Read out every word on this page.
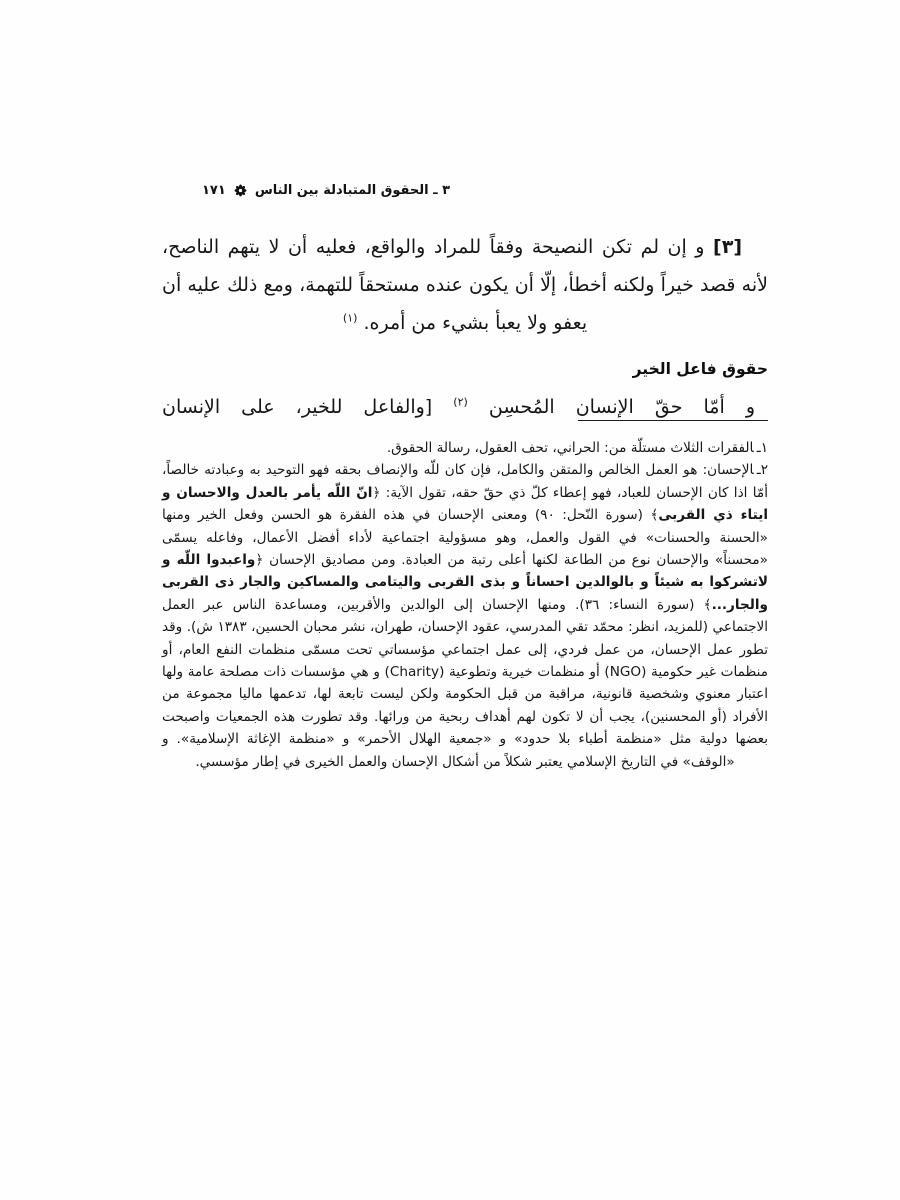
٣ ـ الحقوق المتبادلة بين الناس
١٧١

[٣] و إن لم تكن النصيحة وفقاً للمراد والواقع، فعليه أن لا يتهم الناصح، لأنه قصد خيراً ولكنه أخطأ، إلّا أن يكون عنده مستحقاً للتهمة، ومع ذلك عليه أن يعفو ولا يعبأ بشيء من أمره. $^{(١)}$

حقوق فاعل الخير

و أمّا حقّ الإنسان المُحسِن $^{(٢)}$ [والفاعل للخير، على الإنسان

١ـالفقرات الثلاث مستلّة من: الحراني، تحف العقول، رسالة الحقوق.

٢ـالإحسان: هو العمل الخالص والمتقن والكامل، فإن كان للّه والإنصاف بحقه فهو التوحيد به وعبادته خالصاً، أمّا اذا كان الإحسان للعباد، فهو إعطاء كلّ ذي حقّ حقه، تقول الآية: ﴿انّ اللّه يأمر بالعدل والاحسان و ايتاء ذي القربى﴾ (سورة النّحل: ٩٠) ومعنى الإحسان في هذه الفقرة هو الحسن وفعل الخير ومنها «الحسنة والحسنات» في القول والعمل، وهو مسؤولية اجتماعية لأداء أفضل الأعمال، وفاعله يسمّى «محسناً» والإحسان نوع من الطاعة لكنها أعلى رتبة من العبادة. ومن مصاديق الإحسان ﴿واعبدوا اللّه و لاتشركوا به شيئاً و بالوالدين احساناً و بذى القربى واليتامى والمساكين والجار ذى القربى والجار...﴾ (سورة النساء: ٣٦). ومنها الإحسان إلى الوالدين والأقربين، ومساعدة الناس عبر العمل الاجتماعي (للمزيد، انظر: محمّد تقي المدرسي، عقود الإحسان، طهران، نشر محبان الحسين، ١٣٨٣ ش). وقد تطور عمل الإحسان، من عمل فردي، إلى عمل اجتماعي مؤسساتي تحت مسمّى منظمات النفع العام، أو منظمات غير حكومية (NGO) أو منظمات خيرية وتطوعية (Charity) و هي مؤسسات ذات مصلحة عامة ولها اعتبار معنوي وشخصية قانونية، مراقبة من قبل الحكومة ولكن ليست تابعة لها، تدعمها ماليا مجموعة من الأفراد (أو المحسنين)، يجب أن لا تكون لهم أهداف ربحية من ورائها. وقد تطورت هذه الجمعيات واصبحت بعضها دولية مثل «منظمة أطباء بلا حدود» و «جمعية الهلال الأحمر» و «منظمة الإغاثة الإسلامية». و «الوقف» في التاريخ الإسلامي يعتبر شكلاً من أشكال الإحسان والعمل الخيرى في إطار مؤسسي.
